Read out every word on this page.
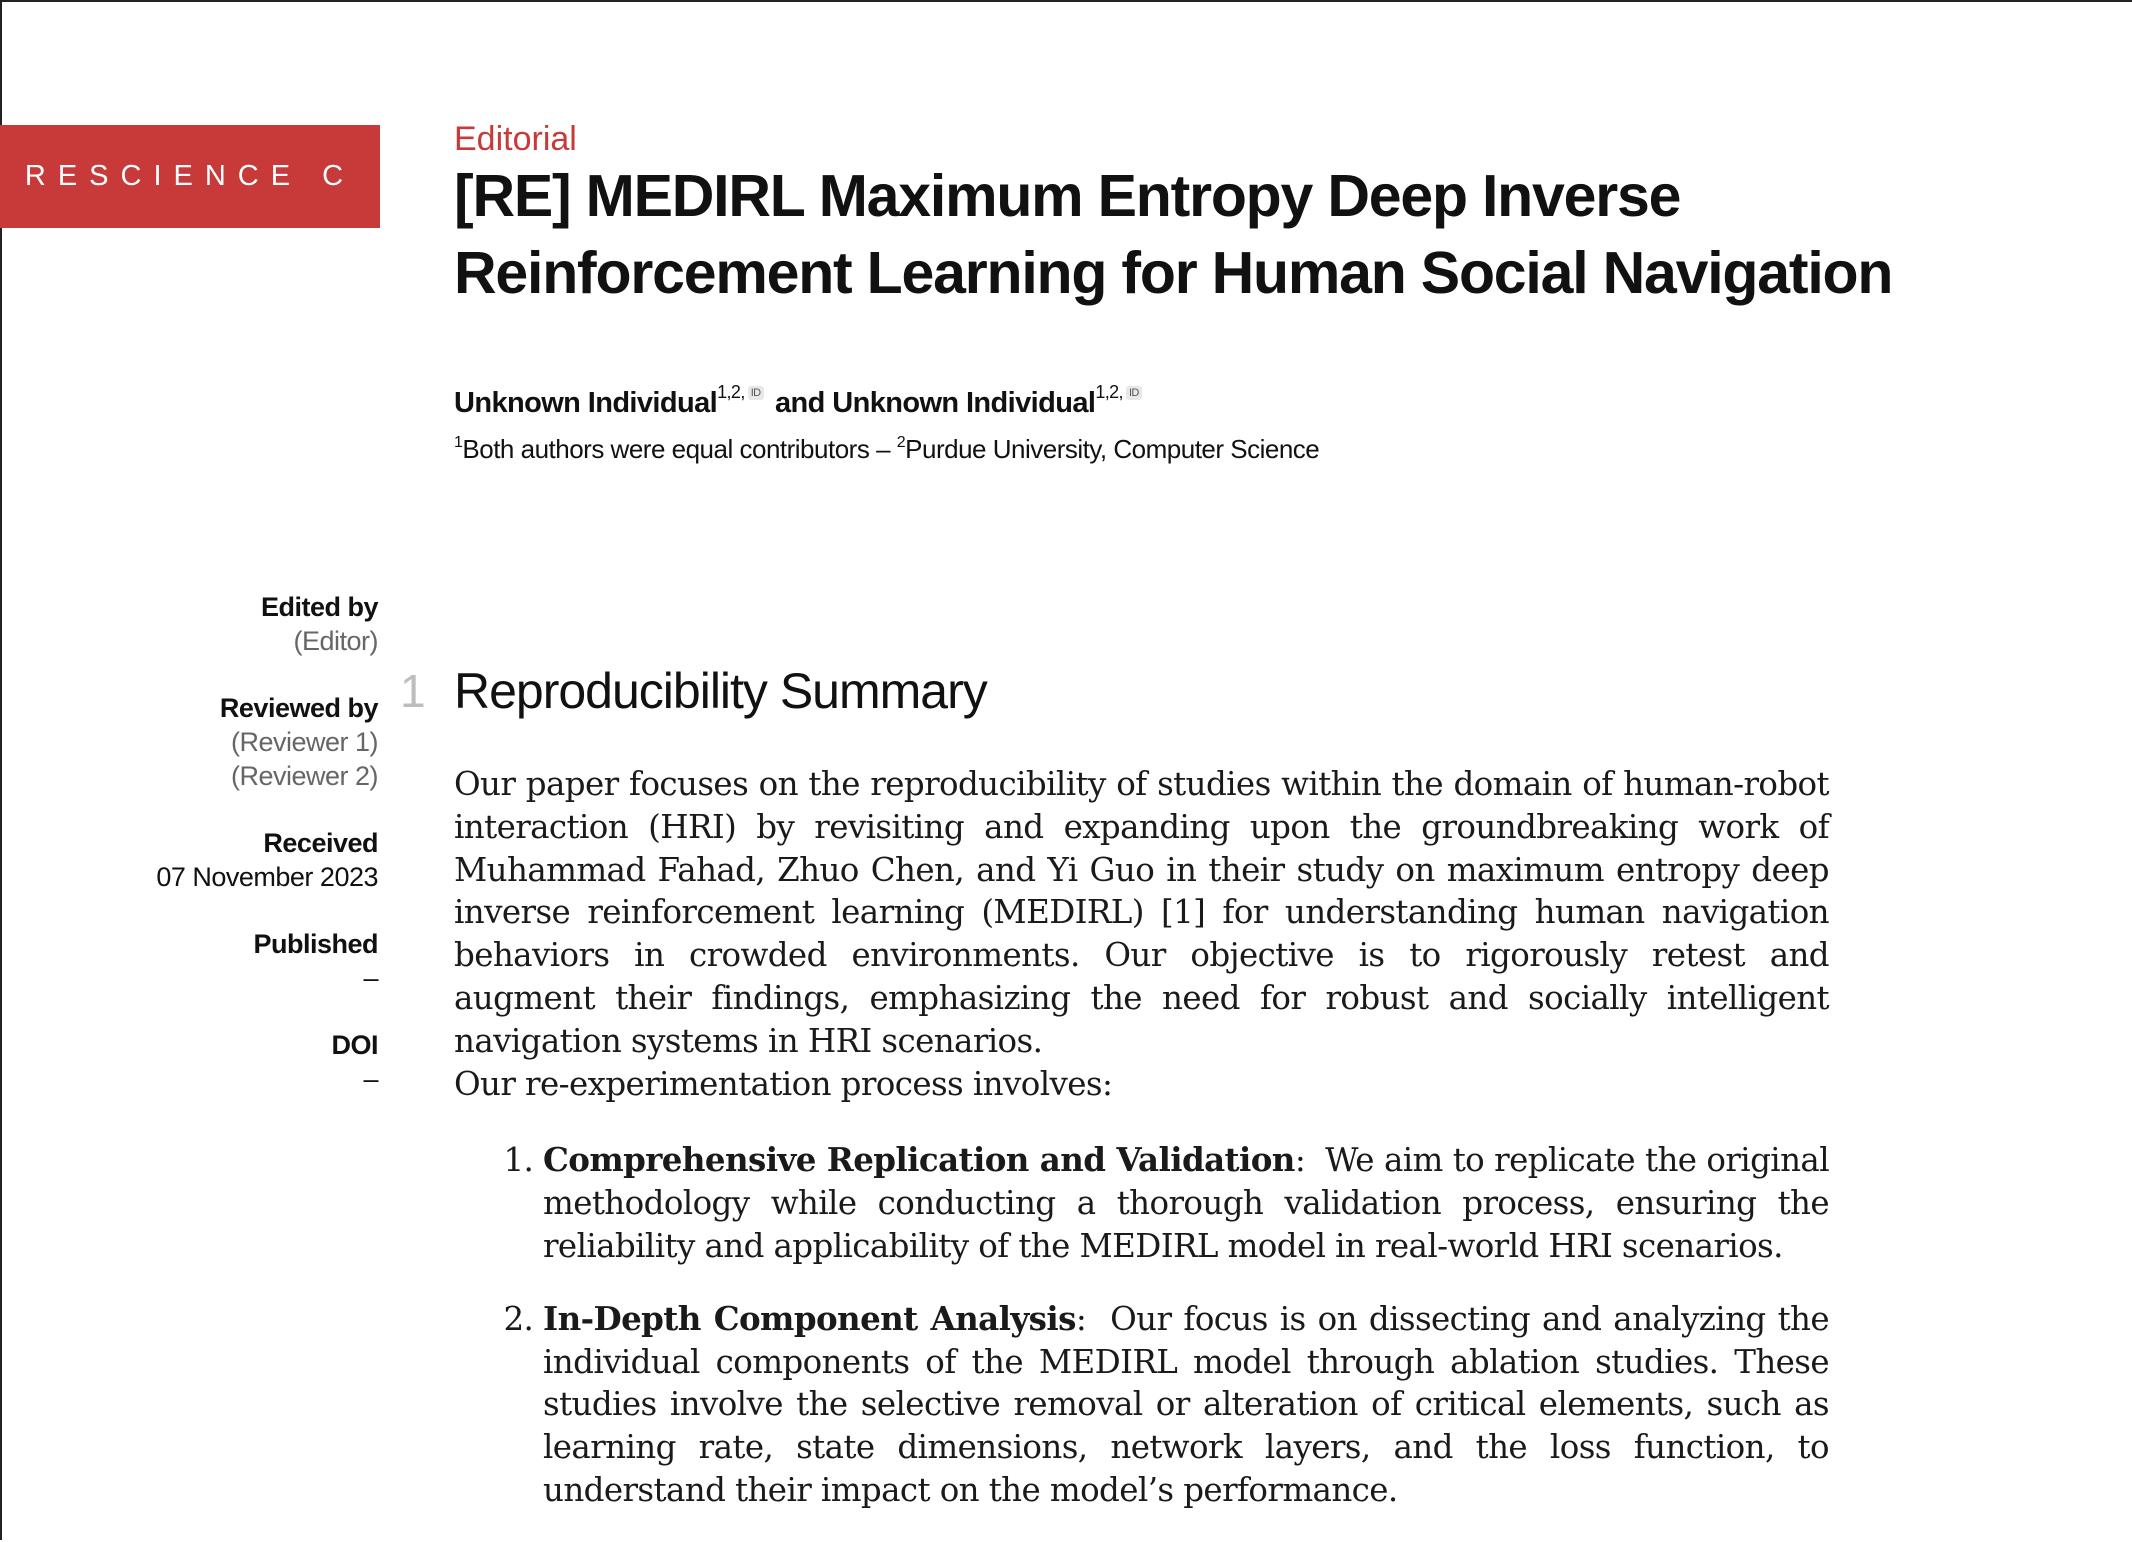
RESCIENCE C
Editorial
[RE] MEDIRL Maximum Entropy Deep Inverse
Reinforcement Learning for Human Social Navigation
Unknown Individual$^{1,2,}$ ID and Unknown Individual$^{1,2,}$ ID
$^1$Both authors were equal contributors – $^2$Purdue University, Computer Science
Edited by
(Editor)
Reviewed by
(Reviewer 1)
(Reviewer 2)
Received
07 November 2023
Published
–
DOI
–
1 Reproducibility Summary

Our paper focuses on the reproducibility of studies within the domain of human-robot interaction (HRI) by revisiting and expanding upon the groundbreaking work of Muhammad Fahad, Zhuo Chen, and Yi Guo in their study on maximum entropy deep inverse reinforcement learning (MEDIRL) [1] for understanding human navigation behaviors in crowded environments. Our objective is to rigorously retest and augment their findings, emphasizing the need for robust and socially intelligent navigation systems in HRI scenarios.

Our re-experimentation process involves:

1. Comprehensive Replication and Validation:  We aim to replicate the original methodology while conducting a thorough validation process, ensuring the reliability and applicability of the MEDIRL model in real-world HRI scenarios.
2. In-Depth Component Analysis:  Our focus is on dissecting and analyzing the individual components of the MEDIRL model through ablation studies. These studies involve the selective removal or alteration of critical elements, such as learning rate, state dimensions, network layers, and the loss function, to understand their impact on the model’s performance.
